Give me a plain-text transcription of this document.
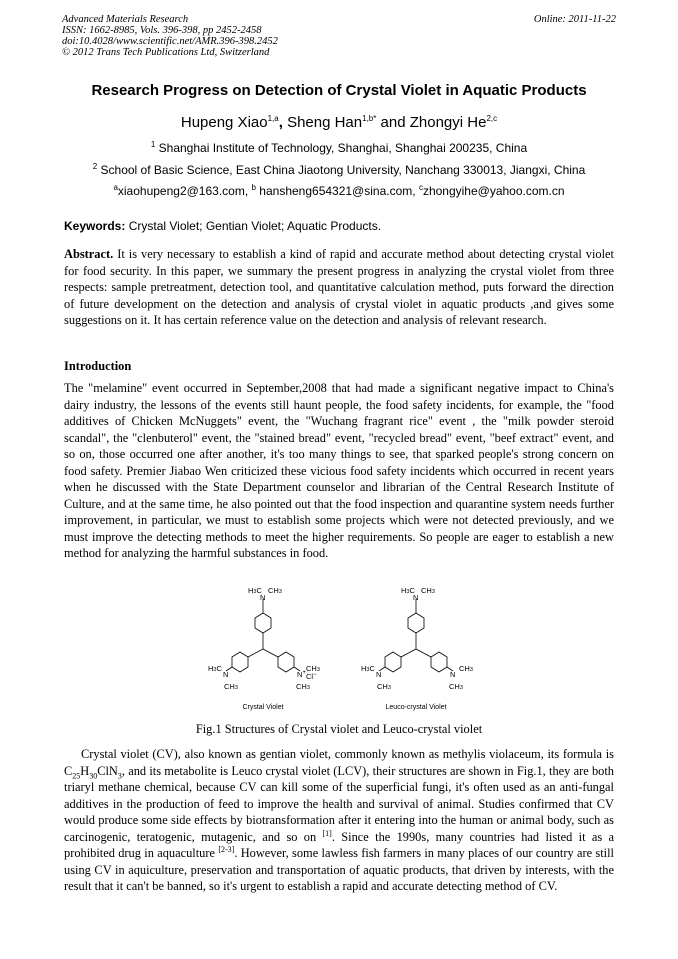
Advanced Materials Research
ISSN: 1662-8985, Vols. 396-398, pp 2452-2458
doi:10.4028/www.scientific.net/AMR.396-398.2452
© 2012 Trans Tech Publications Ltd, Switzerland
Online: 2011-11-22
Research Progress on Detection of Crystal Violet in Aquatic Products
Hupeng Xiao$^{1,a}$, Sheng Han$^{1,b*}$ and Zhongyi He$^{2,c}$
$^1$ Shanghai Institute of Technology, Shanghai, Shanghai 200235, China
$^2$ School of Basic Science, East China Jiaotong University, Nanchang 330013, Jiangxi, China
$^a$xiaohupeng2@163.com, $^b$ hansheng654321@sina.com, $^c$zhongyihe@yahoo.com.cn
Keywords: Crystal Violet; Gentian Violet; Aquatic Products.
Abstract. It is very necessary to establish a kind of rapid and accurate method about detecting crystal violet for food security. In this paper, we summary the present progress in analyzing the crystal violet from three respects: sample pretreatment, detection tool, and quantitative calculation method, puts forward the direction of future development on the detection and analysis of crystal violet in aquatic products ,and gives some suggestions on it. It has certain reference value on the detection and analysis of relevant research.
Introduction
The "melamine" event occurred in September,2008 that had made a significant negative impact to China's dairy industry, the lessons of the events still haunt people, the food safety incidents, for example, the "food additives of Chicken McNuggets" event, the "Wuchang fragrant rice" event , the "milk powder steroid scandal", the "clenbuterol" event, the "stained bread" event, "recycled bread" event, "beef extract" event, and so on, those occurred one after another, it's too many things to see, that sparked people's strong concern on food safety. Premier Jiabao Wen criticized these vicious food safety incidents which occurred in recent years when he discussed with the State Department counselor and librarian of the Central Research Institute of Culture, and at the same time, he also pointed out that the food inspection and quarantine system needs further improvement, in particular, we must to establish some projects which were not detected previously, and we must improve the detecting methods to meet the higher requirements. So people are eager to establish a new method for analyzing the harmful substances in food.
H3C CH3
N
H3C
N
CH3
N+ CH3
Cl−
CH3
Crystal Violet
H3C CH3
N
H3C
N
CH3
N
CH3
CH3
Leuco-crystal Violet
Fig.1 Structures of Crystal violet and Leuco-crystal violet
Crystal violet (CV), also known as gentian violet, commonly known as methylis violaceum, its formula is $C_{25}H_{30}ClN_3$, and its metabolite is Leuco crystal violet (LCV), their structures are shown in Fig.1, they are both triaryl methane chemical, because CV can kill some of the superficial fungi, it's often used as an anti-fungal additives in the production of feed to improve the health and survival of animal. Studies confirmed that CV would produce some side effects by biotransformation after it entering into the human or animal body, such as carcinogenic, teratogenic, mutagenic, and so on [1]. Since the 1990s, many countries had listed it as a prohibited drug in aquaculture [2-3]. However, some lawless fish farmers in many places of our country are still using CV in aquiculture, preservation and transportation of aquatic products, that driven by interests, with the result that it can't be banned, so it's urgent to establish a rapid and accurate detecting method of CV.
